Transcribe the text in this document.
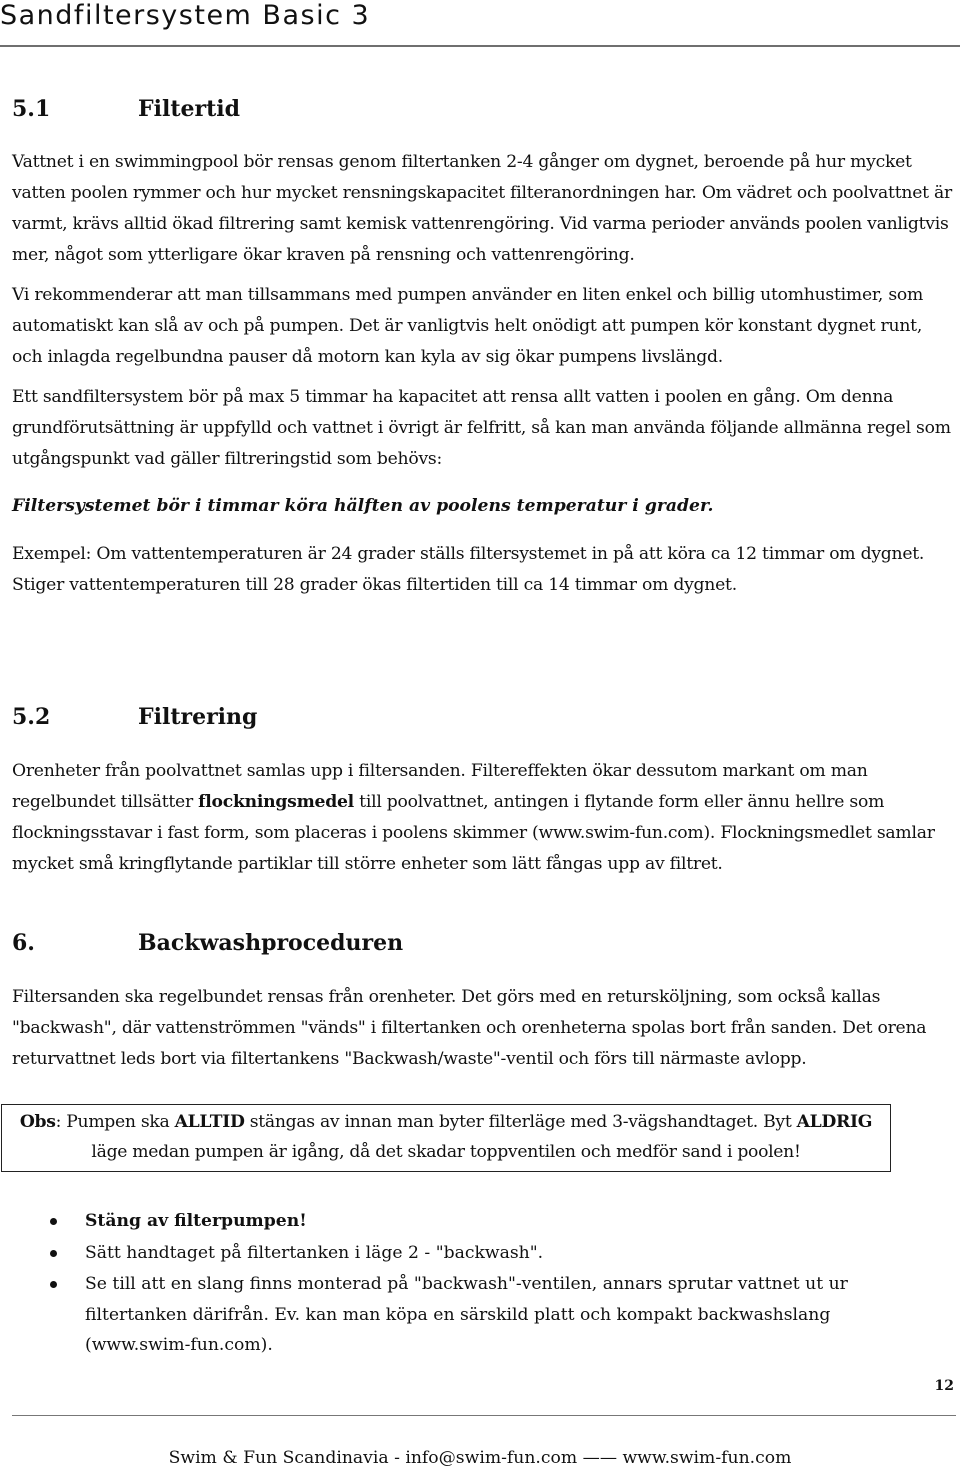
Sandfiltersystem Basic 3
5.1	Filtertid

Vattnet i en swimmingpool bör rensas genom filtertanken 2-4 gånger om dygnet, beroende på hur mycket vatten poolen rymmer och hur mycket rensningskapacitet filteranordningen har. Om vädret och poolvattnet är varmt, krävs alltid ökad filtrering samt kemisk vattenrengöring. Vid varma perioder används poolen vanligtvis mer, något som ytterligare ökar kraven på rensning och vattenrengöring.

Vi rekommenderar att man tillsammans med pumpen använder en liten enkel och billig utomhustimer, som automatiskt kan slå av och på pumpen. Det är vanligtvis helt onödigt att pumpen kör konstant dygnet runt, och inlagda regelbundna pauser då motorn kan kyla av sig ökar pumpens livslängd.

Ett sandfiltersystem bör på max 5 timmar ha kapacitet att rensa allt vatten i poolen en gång. Om denna grundförutsättning är uppfylld och vattnet i övrigt är felfritt, så kan man använda följande allmänna regel som utgångspunkt vad gäller filtreringstid som behövs:

Filtersystemet bör i timmar köra hälften av poolens temperatur i grader.

Exempel: Om vattentemperaturen är 24 grader ställs filtersystemet in på att köra ca 12 timmar om dygnet. Stiger vattentemperaturen till 28 grader ökas filtertiden till ca 14 timmar om dygnet.

5.2	Filtrering

Orenheter från poolvattnet samlas upp i filtersanden. Filtereffekten ökar dessutom markant om man regelbundet tillsätter flockningsmedel till poolvattnet, antingen i flytande form eller ännu hellre som flockningsstavar i fast form, som placeras i poolens skimmer (www.swim-fun.com). Flockningsmedlet samlar mycket små kringflytande partiklar till större enheter som lätt fångas upp av filtret.

6.	Backwashproceduren

Filtersanden ska regelbundet rensas från orenheter. Det görs med en retursköljning, som också kallas "backwash", där vattenströmmen "vänds" i filtertanken och orenheterna spolas bort från sanden. Det orena returvattnet leds bort via filtertankens "Backwash/waste"-ventil och förs till närmaste avlopp.

Obs: Pumpen ska ALLTID stängas av innan man byter filterläge med 3-vägshandtaget. Byt ALDRIG läge medan pumpen är igång, då det skadar toppventilen och medför sand i poolen!
Stäng av filterpumpen!
Sätt handtaget på filtertanken i läge 2 - "backwash".
Se till att en slang finns monterad på "backwash"-ventilen, annars sprutar vattnet ut ur filtertanken därifrån. Ev. kan man köpa en särskild platt och kompakt backwashslang (www.swim-fun.com).
12
Swim & Fun Scandinavia - info@swim-fun.com —— www.swim-fun.com
